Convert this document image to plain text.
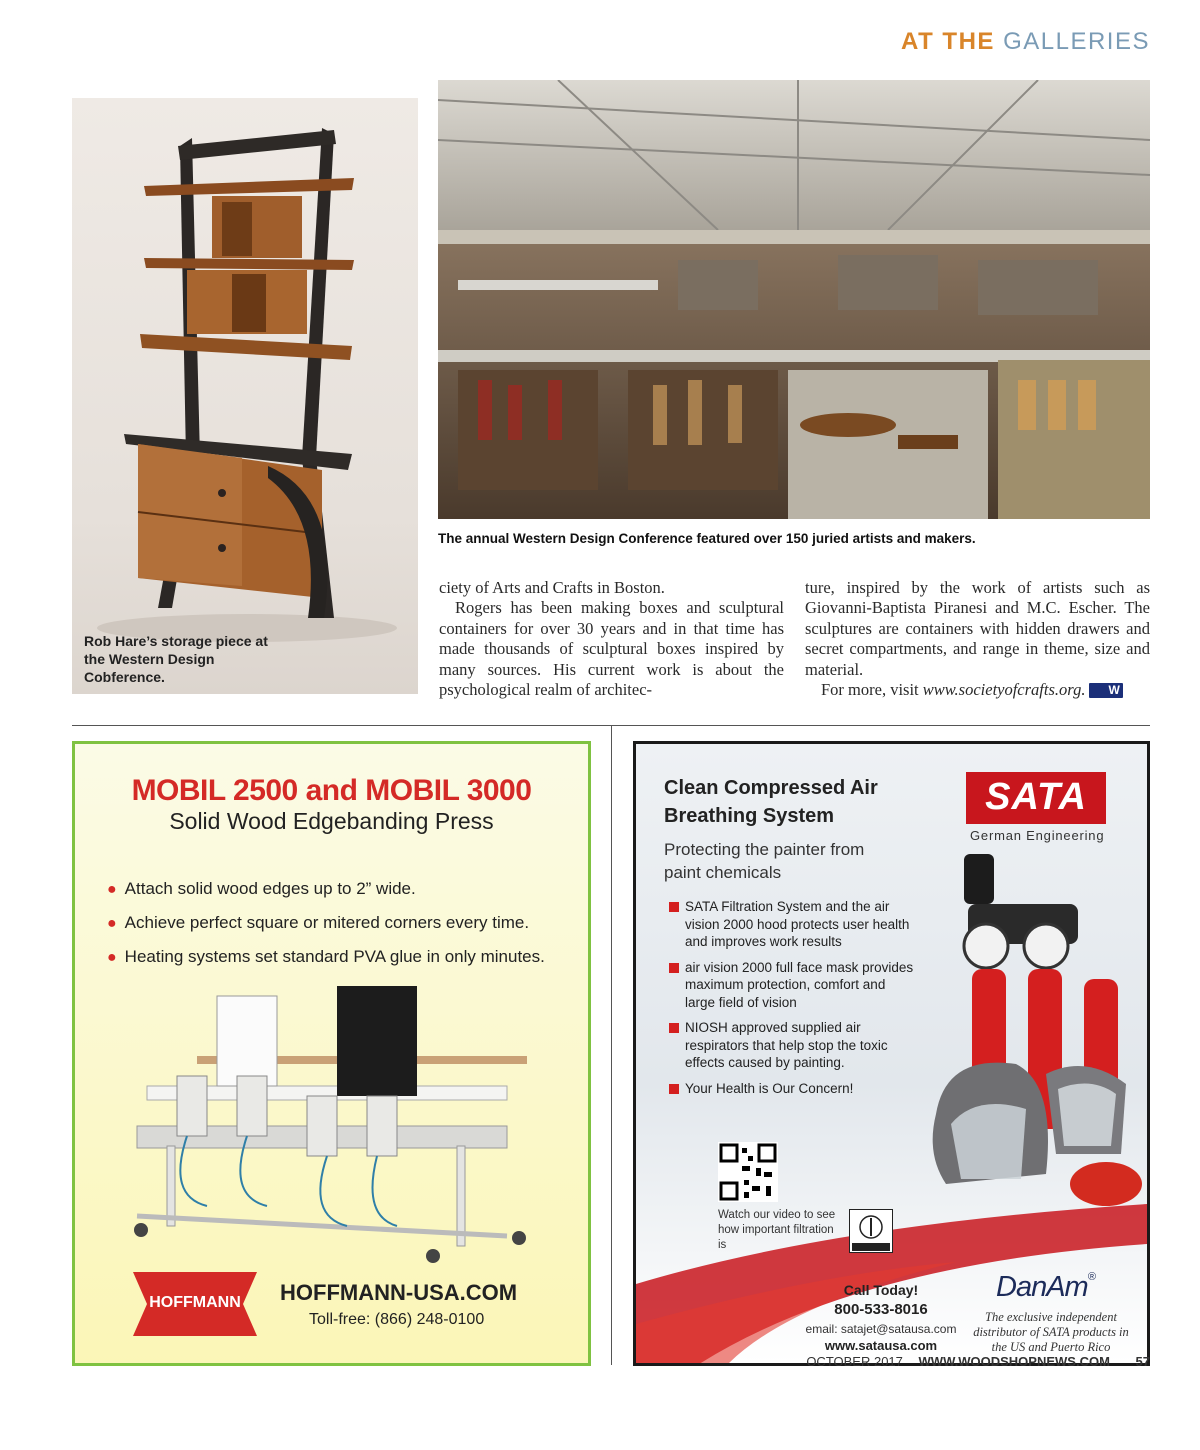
AT THE GALLERIES
Rob Hare’s storage piece at the Western Design Cobference.
The annual Western Design Conference featured over 150 juried artists and makers.

ciety of Arts and Crafts in Boston.

Rogers has been making boxes and sculptural containers for over 30 years and in that time has made thousands of sculptural boxes inspired by many sources. His current work is about the psychological realm of architec-

ture, inspired by the work of artists such as Giovanni-Baptista Piranesi and M.C. Escher. The sculptures are containers with hidden drawers and secret compartments, and range in theme, size and material.

For more, visit www.societyofcrafts.org. W

MOBIL 2500 and MOBIL 3000
Solid Wood Edgebanding Press
● Attach solid wood edges up to 2” wide.
● Achieve perfect square or mitered corners every time.
● Heating systems set standard PVA glue in only minutes.
HOFFMANN	HOFFMANN-USA.COM
Toll-free: (866) 248-0100
Clean Compressed Air Breathing System
Protecting the painter from paint chemicals
SATA Filtration System and the air vision 2000 hood protects user health and improves work results
air vision 2000 full face mask provides maximum protection, comfort and large field of vision
NIOSH approved supplied air respirators that help stop the toxic effects caused by painting.
Your Health is Our Concern!
SATA
German Engineering
Watch our video to see how important filtration is
Call Today!
800-533-8016
email: satajet@satausa.com
www.satausa.com
DanAm®
The exclusive independent distributor of SATA products in the US and Puerto Rico
OCTOBER 2017 WWW.WOODSHOPNEWS.COM 57
